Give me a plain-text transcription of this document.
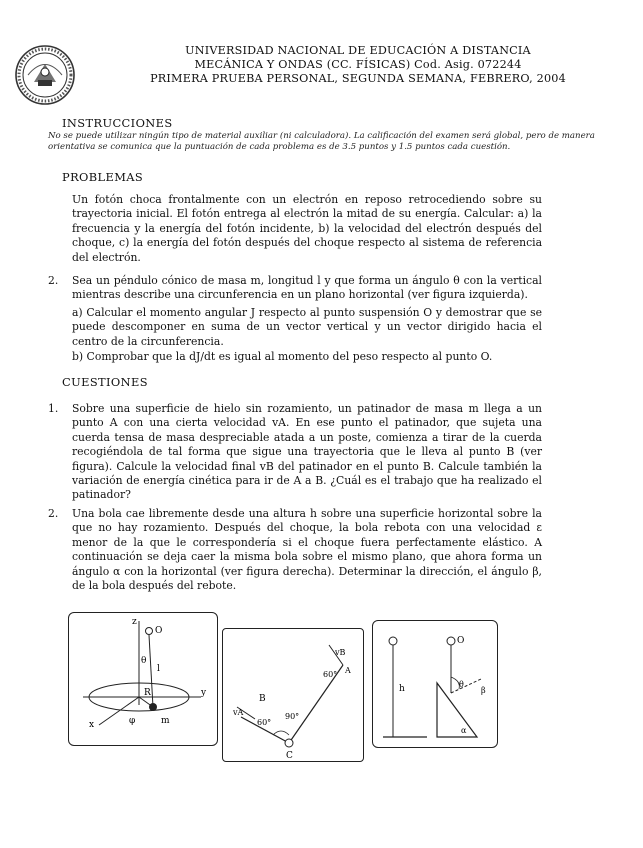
UNIVERSIDAD NACIONAL DE EDUCACIÓN A DISTANCIA
MECÁNICA Y ONDAS (CC. FÍSICAS) Cod. Asig. 072244
PRIMERA PRUEBA PERSONAL, SEGUNDA SEMANA, FEBRERO, 2004
INSTRUCCIONES
No se puede utilizar ningún tipo de material auxiliar (ni calculadora). La calificación del examen será global, pero de manera orientativa se comunica que la puntuación de cada problema es de 3.5 puntos y 1.5 puntos cada cuestión.
PROBLEMAS
Un fotón choca frontalmente con un electrón en reposo retrocediendo sobre su trayectoria inicial. El fotón entrega al electrón la mitad de su energía. Calcular: a) la frecuencia y la energía del fotón incidente, b) la velocidad del electrón después del choque, c) la energía del fotón después del choque respecto al sistema de referencia del electrón.
2. Sea un péndulo cónico de masa m, longitud l y que forma un ángulo θ con la vertical mientras describe una circunferencia en un plano horizontal (ver figura izquierda).
a) Calcular el momento angular J respecto al punto suspensión O y demostrar que se puede descomponer en suma de un vector vertical y un vector dirigido hacia el centro de la circunferencia.
b) Comprobar que la dJ/dt es igual al momento del peso respecto al punto O.
CUESTIONES
1. Sobre una superficie de hielo sin rozamiento, un patinador de masa m llega a un punto A con una cierta velocidad vA. En ese punto el patinador, que sujeta una cuerda tensa de masa despreciable atada a un poste, comienza a tirar de la cuerda recogiéndola de tal forma que sigue una trayectoria que le lleva al punto B (ver figura). Calcule la velocidad final vB del patinador en el punto B. Calcule también la variación de energía cinética para ir de A a B. ¿Cuál es el trabajo que ha realizado el patinador?
2. Una bola cae libremente desde una altura h sobre una superficie horizontal sobre la que no hay rozamiento. Después del choque, la bola rebota con una velocidad ε menor de la que le correspondería si el choque fuera perfectamente elástico. A continuación se deja caer la misma bola sobre el mismo plano, que ahora forma un ángulo α con la horizontal (ver figura derecha). Determinar la dirección, el ángulo β, de la bola después del rebote.
z
O
l
θ
R	y
x	φ	m
B
vB
60° A
vA	90°
60°
C
h
O
θ
β
α
